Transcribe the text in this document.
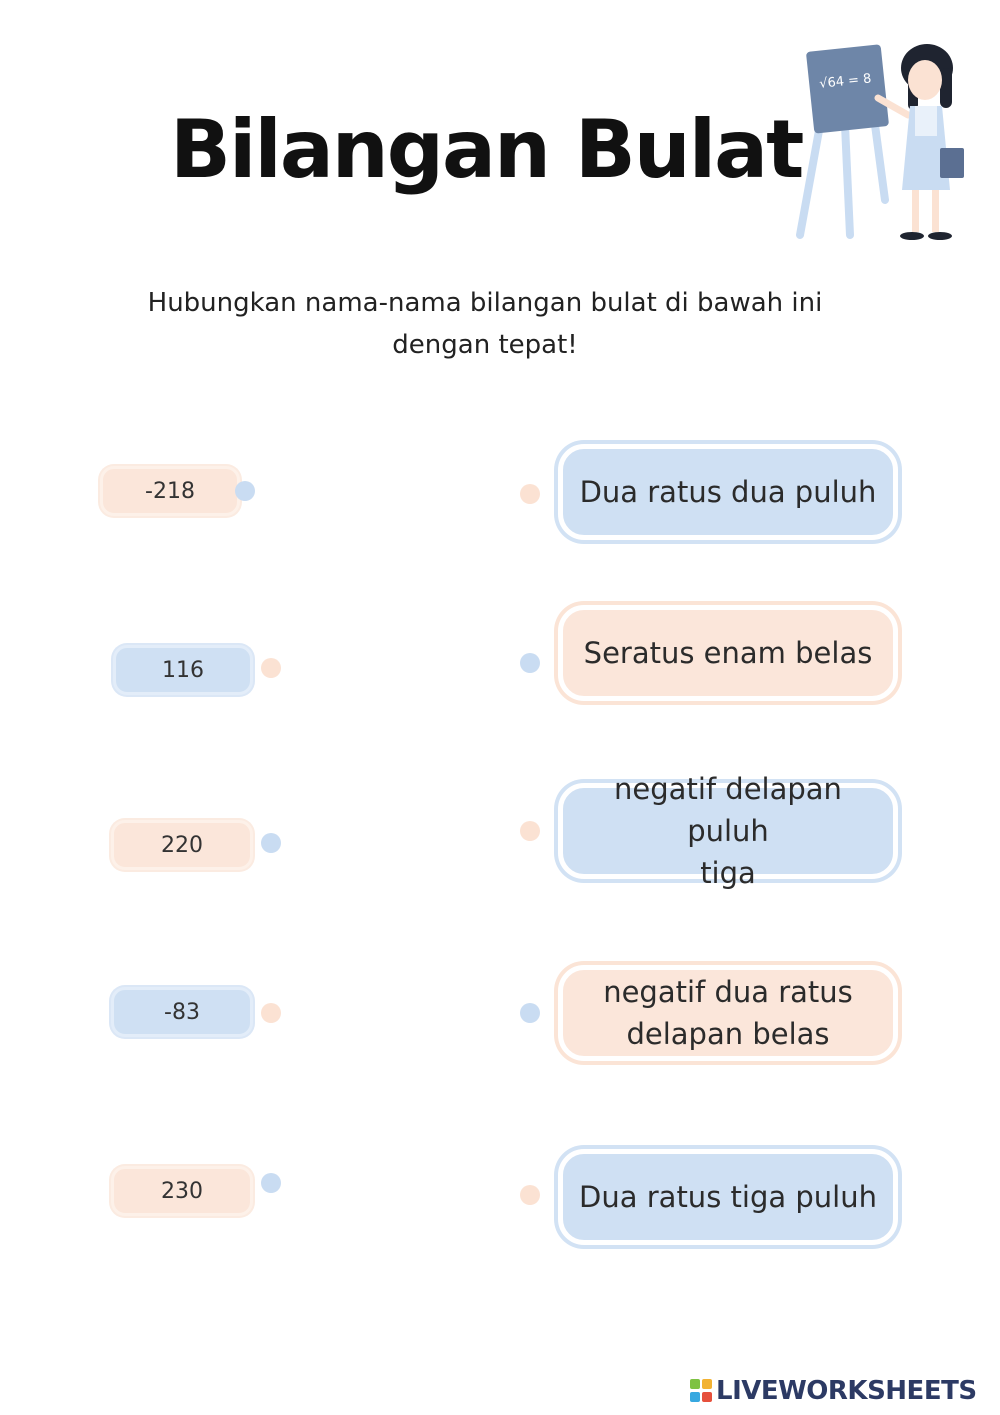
Bilangan Bulat
√64 = 8
Hubungkan nama-nama bilangan bulat di bawah ini
dengan tepat!
-218
116
220
-83
230
Dua ratus dua puluh
Seratus enam belas
negatif delapan puluh
tiga
negatif dua ratus
delapan belas
Dua ratus tiga puluh
LIVEWORKSHEETS
